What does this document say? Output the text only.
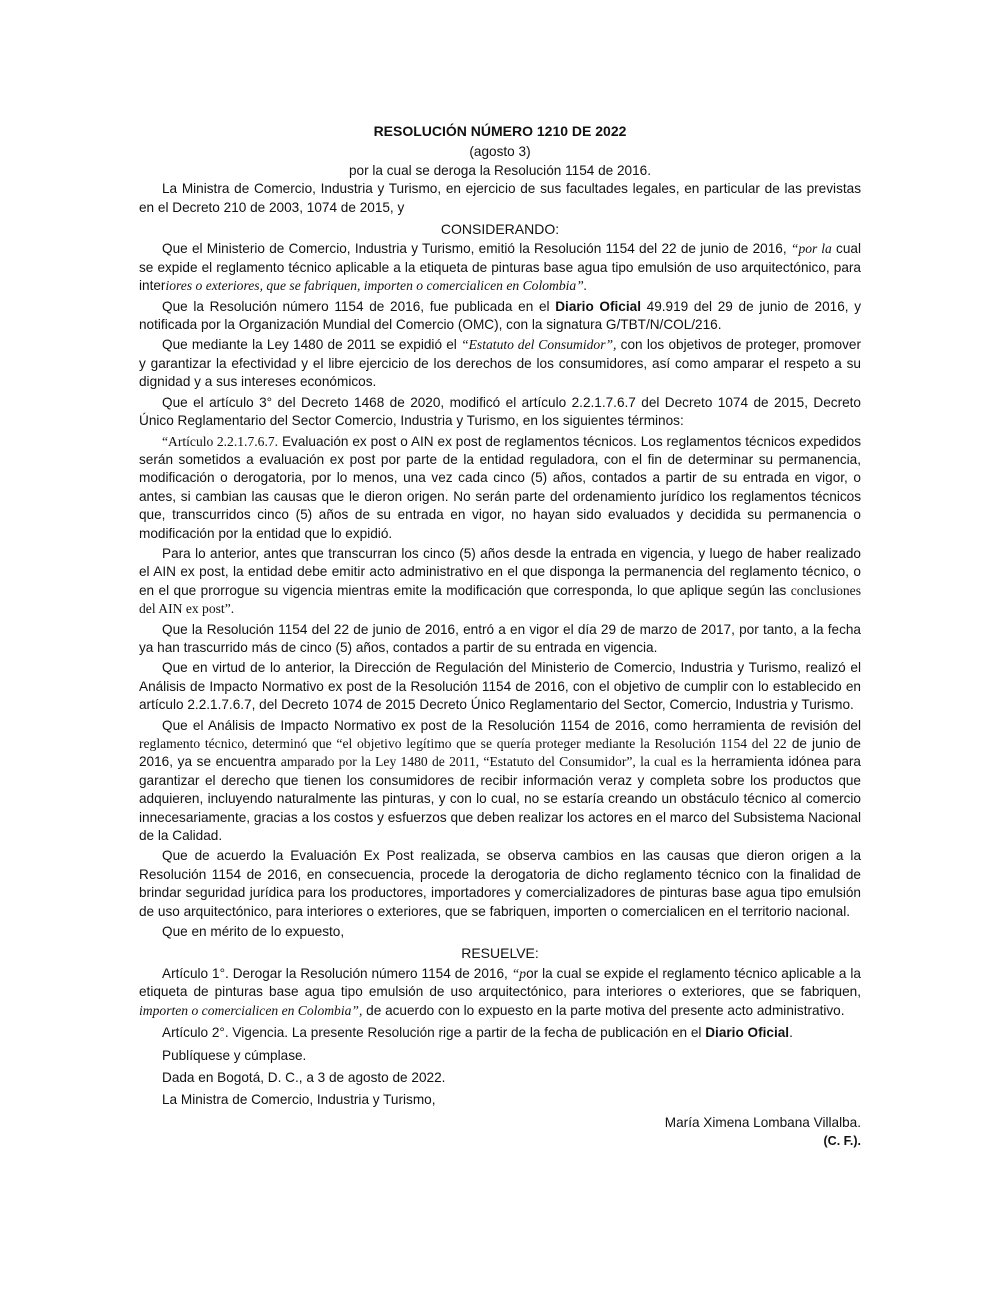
RESOLUCIÓN NÚMERO 1210 DE 2022
(agosto 3)
por la cual se deroga la Resolución 1154 de 2016.

La Ministra de Comercio, Industria y Turismo, en ejercicio de sus facultades legales, en particular de las previstas en el Decreto 210 de 2003, 1074 de 2015, y

CONSIDERANDO:

Que el Ministerio de Comercio, Industria y Turismo, emitió la Resolución 1154 del 22 de junio de 2016, “por la cual se expide el reglamento técnico aplicable a la etiqueta de pinturas base agua tipo emulsión de uso arquitectónico, para interiores o exteriores, que se fabriquen, importen o comercialicen en Colombia”.

Que la Resolución número 1154 de 2016, fue publicada en el Diario Oficial 49.919 del 29 de junio de 2016, y notificada por la Organización Mundial del Comercio (OMC), con la signatura G/TBT/N/COL/216.

Que mediante la Ley 1480 de 2011 se expidió el “Estatuto del Consumidor”, con los objetivos de proteger, promover y garantizar la efectividad y el libre ejercicio de los derechos de los consumidores, así como amparar el respeto a su dignidad y a sus intereses económicos.

Que el artículo 3° del Decreto 1468 de 2020, modificó el artículo 2.2.1.7.6.7 del Decreto 1074 de 2015, Decreto Único Reglamentario del Sector Comercio, Industria y Turismo, en los siguientes términos:

“Artículo 2.2.1.7.6.7. Evaluación ex post o AIN ex post de reglamentos técnicos. Los reglamentos técnicos expedidos serán sometidos a evaluación ex post por parte de la entidad reguladora, con el fin de determinar su permanencia, modificación o derogatoria, por lo menos, una vez cada cinco (5) años, contados a partir de su entrada en vigor, o antes, si cambian las causas que le dieron origen. No serán parte del ordenamiento jurídico los reglamentos técnicos que, transcurridos cinco (5) años de su entrada en vigor, no hayan sido evaluados y decidida su permanencia o modificación por la entidad que lo expidió.

Para lo anterior, antes que transcurran los cinco (5) años desde la entrada en vigencia, y luego de haber realizado el AIN ex post, la entidad debe emitir acto administrativo en el que disponga la permanencia del reglamento técnico, o en el que prorrogue su vigencia mientras emite la modificación que corresponda, lo que aplique según las conclusiones del AIN ex post”.

Que la Resolución 1154 del 22 de junio de 2016, entró a en vigor el día 29 de marzo de 2017, por tanto, a la fecha ya han trascurrido más de cinco (5) años, contados a partir de su entrada en vigencia.

Que en virtud de lo anterior, la Dirección de Regulación del Ministerio de Comercio, Industria y Turismo, realizó el Análisis de Impacto Normativo ex post de la Resolución 1154 de 2016, con el objetivo de cumplir con lo establecido en artículo 2.2.1.7.6.7, del Decreto 1074 de 2015 Decreto Único Reglamentario del Sector, Comercio, Industria y Turismo.

Que el Análisis de Impacto Normativo ex post de la Resolución 1154 de 2016, como herramienta de revisión del reglamento técnico, determinó que “el objetivo legítimo que se quería proteger mediante la Resolución 1154 del 22 de junio de 2016, ya se encuentra amparado por la Ley 1480 de 2011, “Estatuto del Consumidor”, la cual es la herramienta idónea para garantizar el derecho que tienen los consumidores de recibir información veraz y completa sobre los productos que adquieren, incluyendo naturalmente las pinturas, y con lo cual, no se estaría creando un obstáculo técnico al comercio innecesariamente, gracias a los costos y esfuerzos que deben realizar los actores en el marco del Subsistema Nacional de la Calidad.

Que de acuerdo la Evaluación Ex Post realizada, se observa cambios en las causas que dieron origen a la Resolución 1154 de 2016, en consecuencia, procede la derogatoria de dicho reglamento técnico con la finalidad de brindar seguridad jurídica para los productores, importadores y comercializadores de pinturas base agua tipo emulsión de uso arquitectónico, para interiores o exteriores, que se fabriquen, importen o comercialicen en el territorio nacional.

Que en mérito de lo expuesto,

RESUELVE:

Artículo 1°. Derogar la Resolución número 1154 de 2016, “por la cual se expide el reglamento técnico aplicable a la etiqueta de pinturas base agua tipo emulsión de uso arquitectónico, para interiores o exteriores, que se fabriquen, importen o comercialicen en Colombia”, de acuerdo con lo expuesto en la parte motiva del presente acto administrativo.

Artículo 2°. Vigencia. La presente Resolución rige a partir de la fecha de publicación en el Diario Oficial.

Publíquese y cúmplase.

Dada en Bogotá, D. C., a 3 de agosto de 2022.

La Ministra de Comercio, Industria y Turismo,

María Ximena Lombana Villalba.
(C. F.).
